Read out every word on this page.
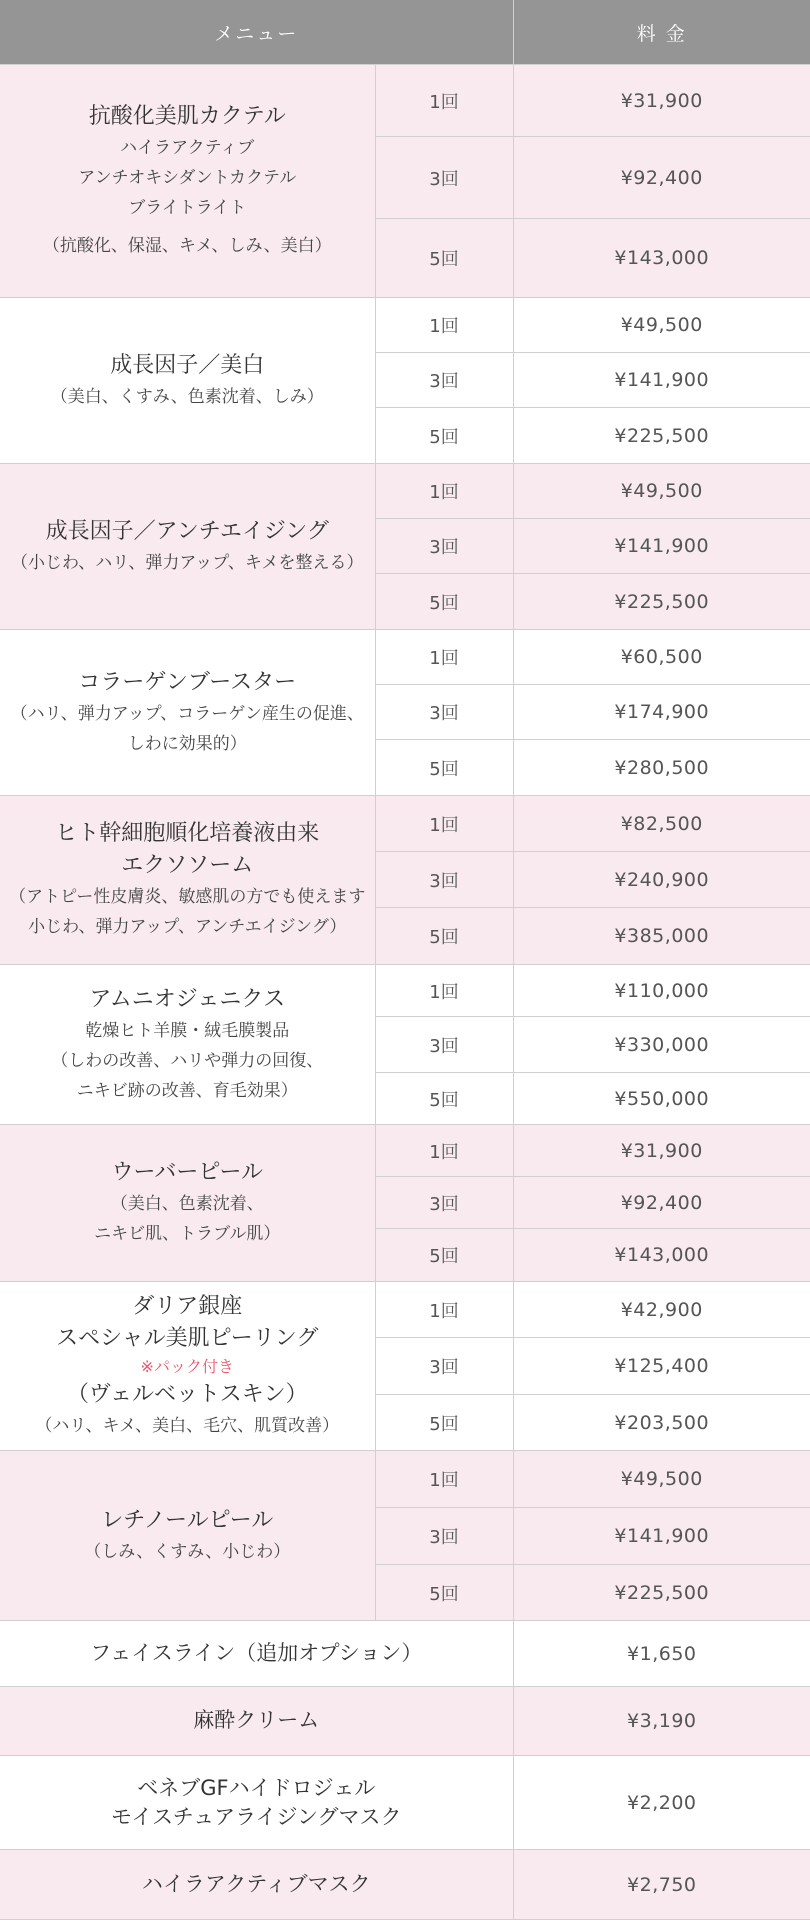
メニュー		料 金

抗酸化美肌カクテル
ハイラアクティブ
アンチオキシダントカクテル
ブライトライト
（抗酸化、保湿、キメ、しみ、美白）	1回	¥31,900
	3回	¥92,400
	5回	¥143,000

成長因子／美白
（美白、くすみ、色素沈着、しみ）	1回	¥49,500
	3回	¥141,900
	5回	¥225,500

成長因子／アンチエイジング
（小じわ、ハリ、弾力アップ、キメを整える）	1回	¥49,500
	3回	¥141,900
	5回	¥225,500

コラーゲンブースター
（ハリ、弾力アップ、コラーゲン産生の促進、
しわに効果的）	1回	¥60,500
	3回	¥174,900
	5回	¥280,500

ヒト幹細胞順化培養液由来
エクソソーム
（アトピー性皮膚炎、敏感肌の方でも使えます
小じわ、弾力アップ、アンチエイジング）	1回	¥82,500
	3回	¥240,900
	5回	¥385,000

アムニオジェニクス
乾燥ヒト羊膜・絨毛膜製品
（しわの改善、ハリや弾力の回復、
ニキビ跡の改善、育毛効果）	1回	¥110,000
	3回	¥330,000
	5回	¥550,000

ウーバーピール
（美白、色素沈着、
ニキビ肌、トラブル肌）	1回	¥31,900
	3回	¥92,400
	5回	¥143,000

ダリア銀座
スペシャル美肌ピーリング
※パック付き
（ヴェルベットスキン）
（ハリ、キメ、美白、毛穴、肌質改善）	1回	¥42,900
	3回	¥125,400
	5回	¥203,500

レチノールピール
（しみ、くすみ、小じわ）	1回	¥49,500
	3回	¥141,900
	5回	¥225,500
フェイスライン（追加オプション）		¥1,650
麻酔クリーム		¥3,190

ベネブGFハイドロジェル
モイスチュアライジングマスク		¥2,200
ハイラアクティブマスク		¥2,750
